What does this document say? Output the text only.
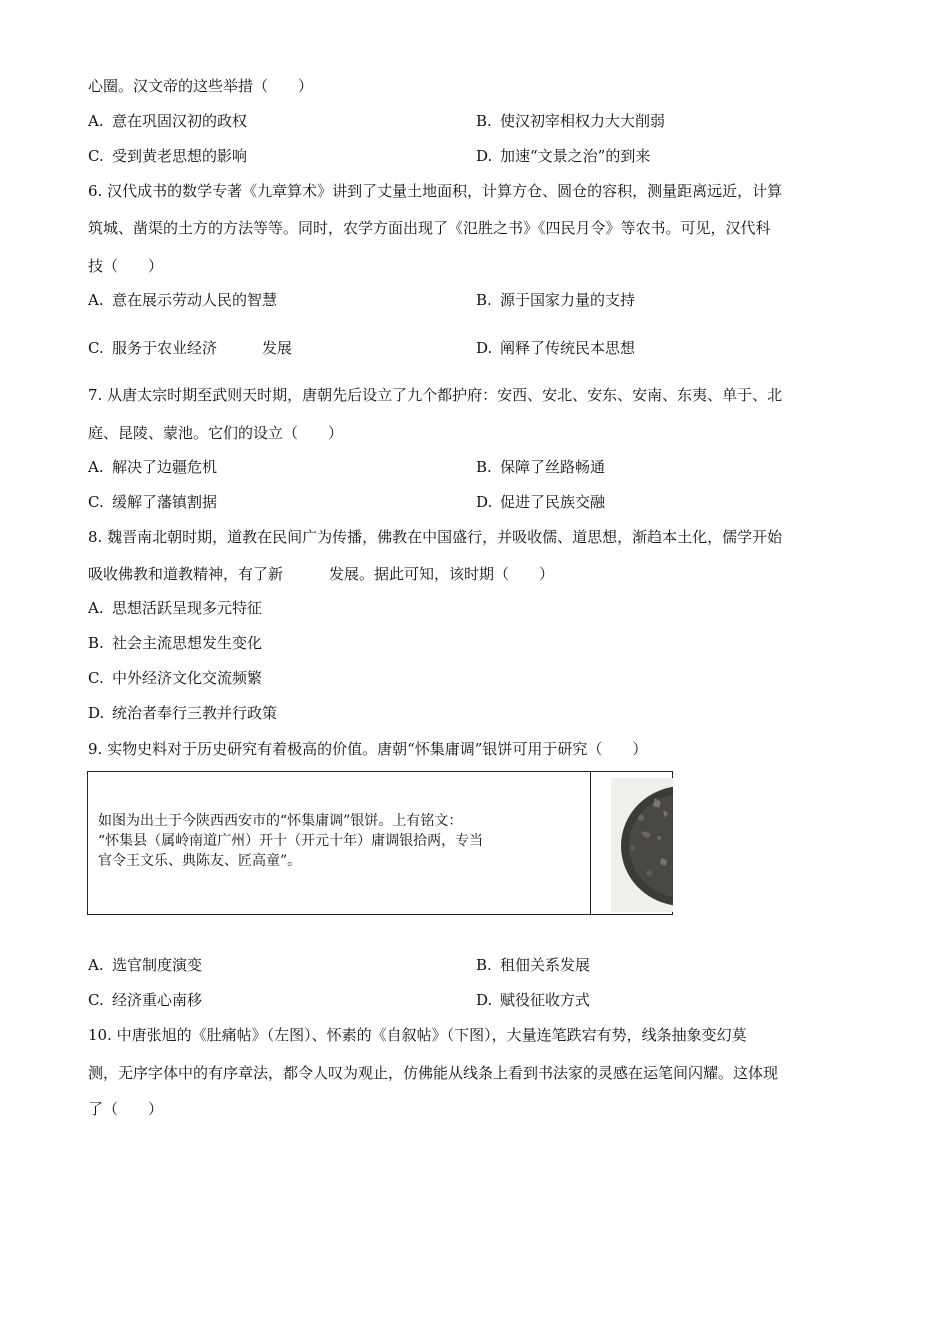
心圈。汉文帝的这些举措（　　）
A. 意在巩固汉初的政权	B. 使汉初宰相权力大大削弱
C. 受到黄老思想的影响	D. 加速“文景之治”的到来
6. 汉代成书的数学专著《九章算术》讲到了丈量土地面积，计算方仓、圆仓的容积，测量距离远近，计算
筑城、凿渠的土方的方法等等。同时，农学方面出现了《氾胜之书》《四民月令》等农书。可见，汉代科
技（　　）
A. 意在展示劳动人民的智慧	B. 源于国家力量的支持
C. 服务于农业经济	发展	D. 阐释了传统民本思想
7. 从唐太宗时期至武则天时期，唐朝先后设立了九个都护府：安西、安北、安东、安南、东夷、单于、北
庭、昆陵、蒙池。它们的设立（　　）
A. 解决了边疆危机	B. 保障了丝路畅通
C. 缓解了藩镇割据	D. 促进了民族交融
8. 魏晋南北朝时期，道教在民间广为传播，佛教在中国盛行，并吸收儒、道思想，渐趋本土化，儒学开始
吸收佛教和道教精神，有了新	发展。据此可知，该时期（　　）
A. 思想活跃呈现多元特征
B. 社会主流思想发生变化
C. 中外经济文化交流频繁
D. 统治者奉行三教并行政策
9. 实物史料对于历史研究有着极高的价值。唐朝“怀集庸调”银饼可用于研究（　　）
如图为出土于今陕西西安市的“怀集庸调”银饼。上有铭文：
“怀集县（属岭南道广州）开十（开元十年）庸调银拾两，专当
官令王文乐、典陈友、匠高童”。
A. 选官制度演变	B. 租佃关系发展
C. 经济重心南移	D. 赋役征收方式
10. 中唐张旭的《肚痛帖》（左图）、怀素的《自叙帖》（下图），大量连笔跌宕有势，线条抽象变幻莫
测，无序字体中的有序章法，都令人叹为观止，仿佛能从线条上看到书法家的灵感在运笔间闪耀。这体现
了（　　）
